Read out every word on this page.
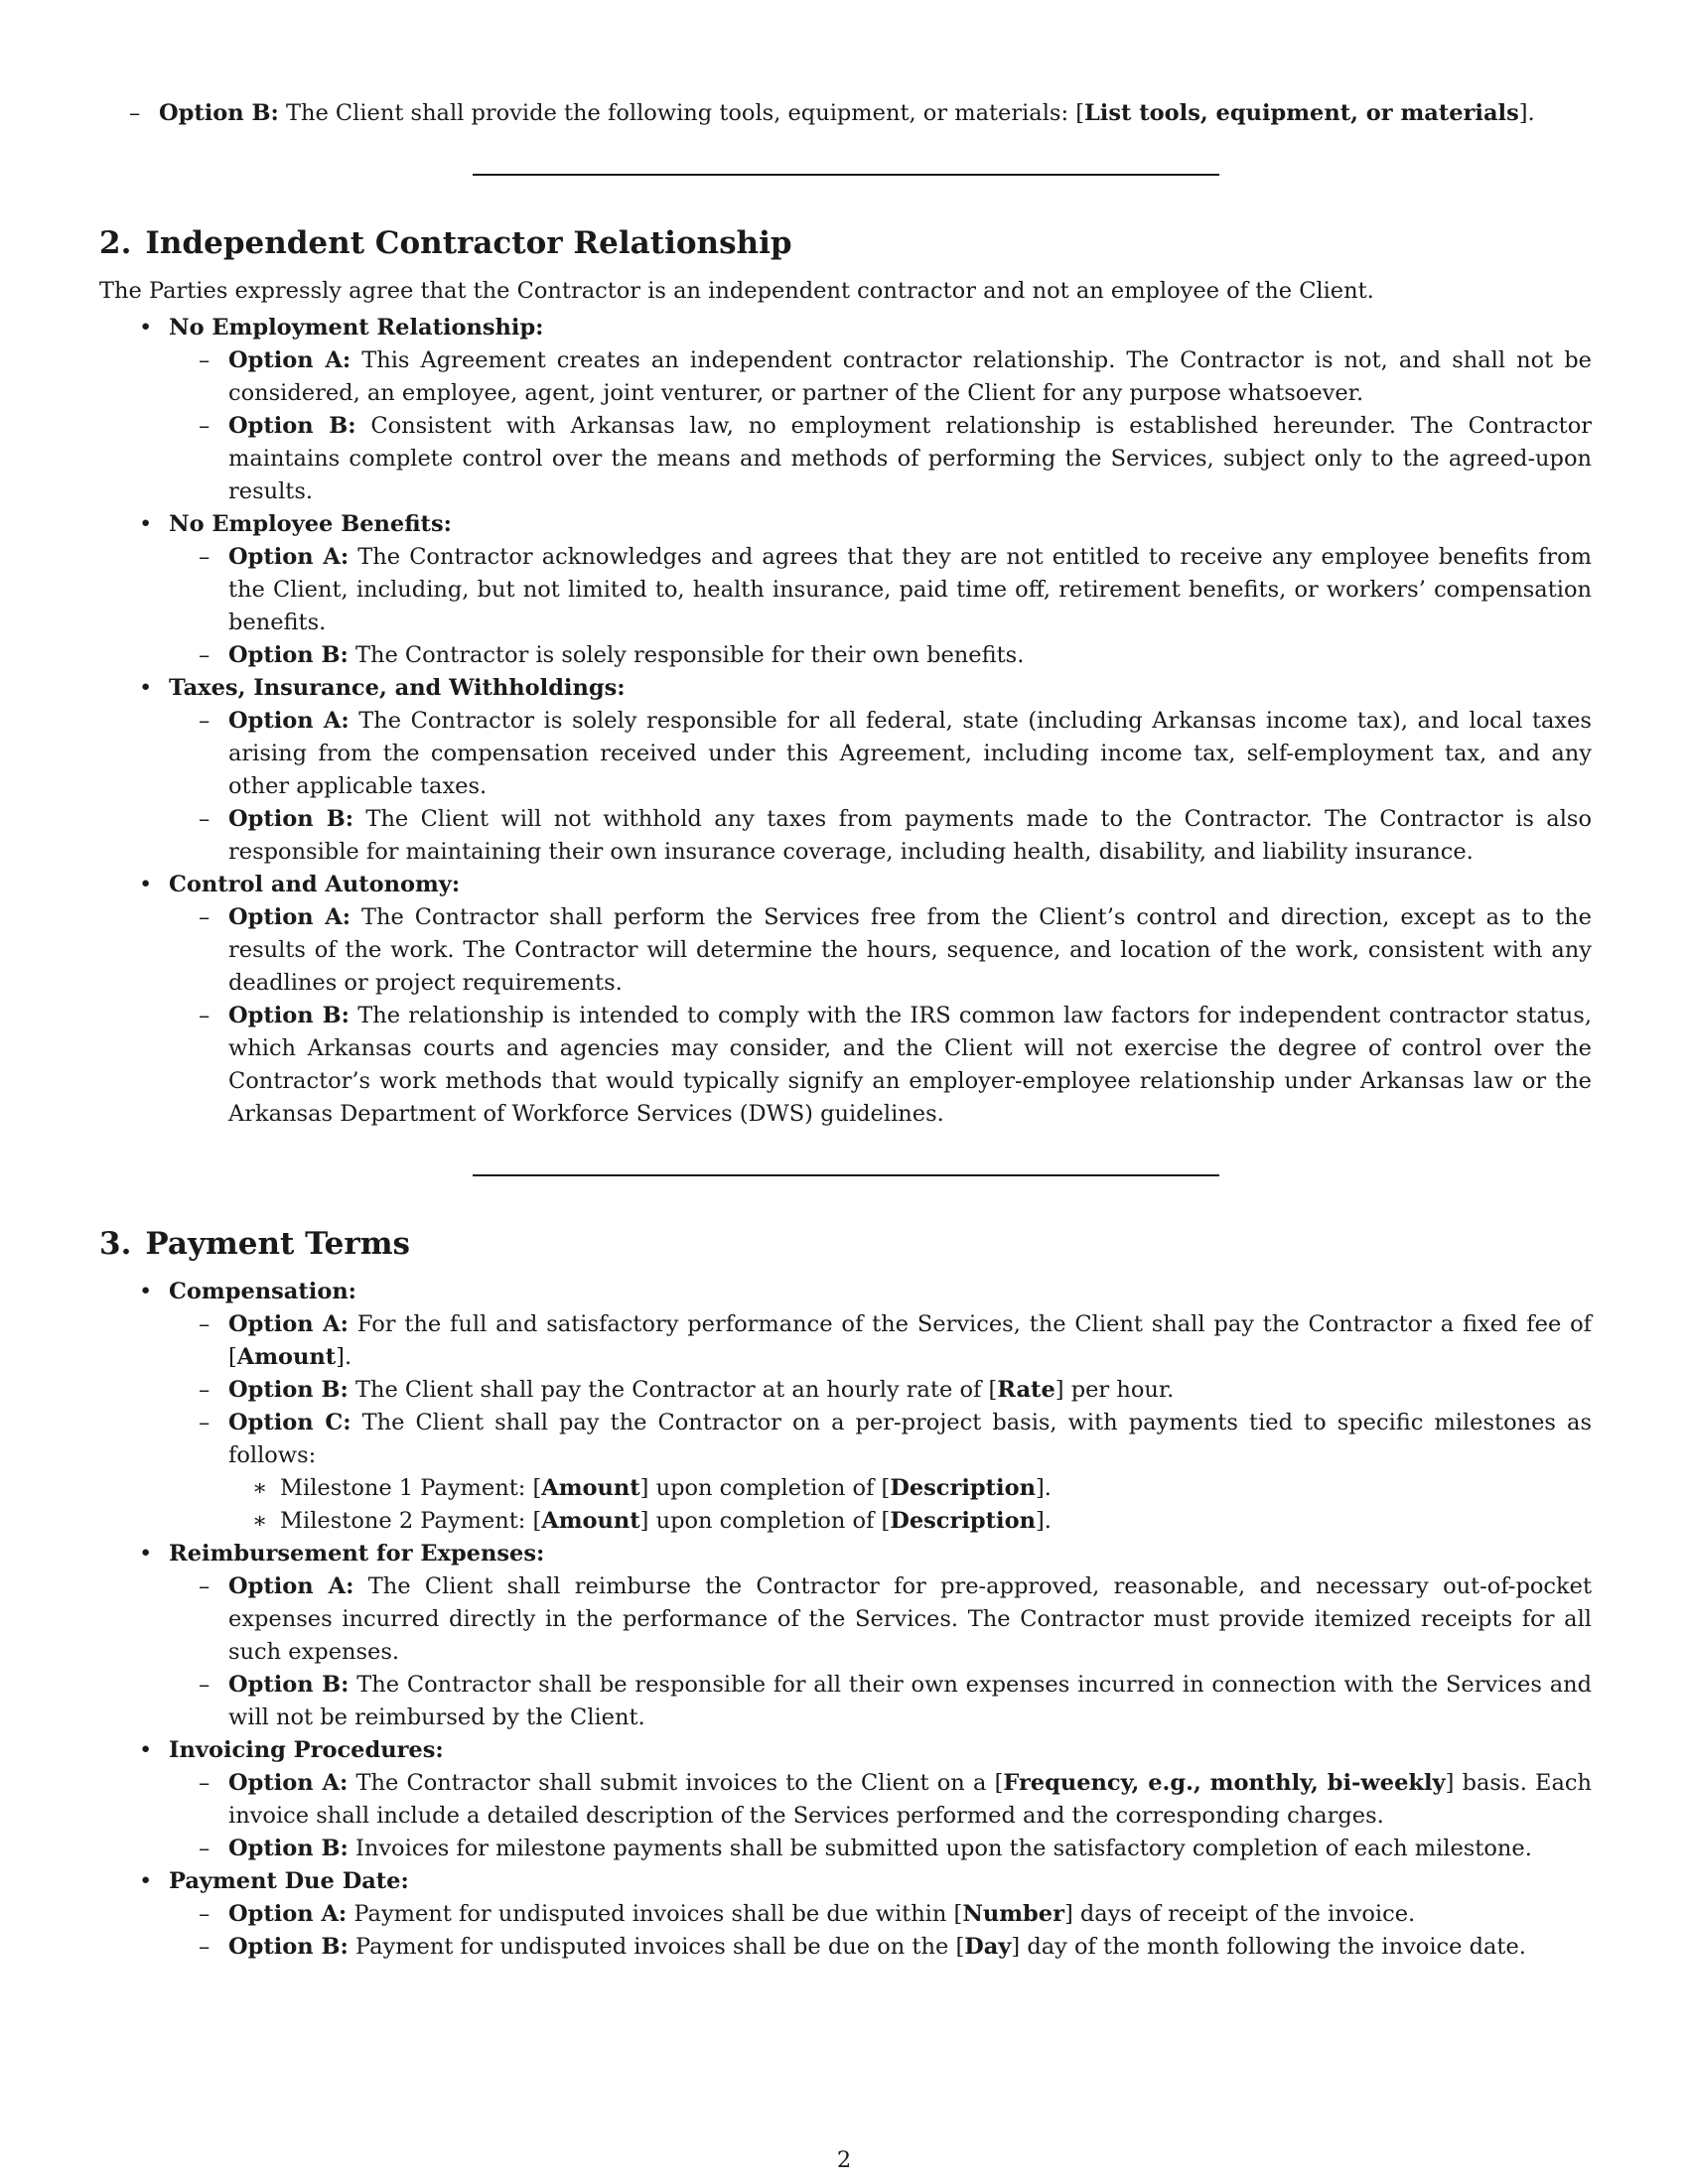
– Option B: The Client shall provide the following tools, equipment, or materials: [List tools, equipment, or materials].
2. Independent Contractor Relationship

The Parties expressly agree that the Contractor is an independent contractor and not an employee of the Client.

• No Employment Relationship:
– Option A: This Agreement creates an independent contractor relationship. The Contractor is not, and shall not be considered, an employee, agent, joint venturer, or partner of the Client for any purpose whatsoever.
– Option B: Consistent with Arkansas law, no employment relationship is established hereunder. The Contractor maintains complete control over the means and methods of performing the Services, subject only to the agreed-upon results.
• No Employee Benefits:
– Option A: The Contractor acknowledges and agrees that they are not entitled to receive any employee benefits from the Client, including, but not limited to, health insurance, paid time off, retirement benefits, or workers’ compensation benefits.
– Option B: The Contractor is solely responsible for their own benefits.
• Taxes, Insurance, and Withholdings:
– Option A: The Contractor is solely responsible for all federal, state (including Arkansas income tax), and local taxes arising from the compensation received under this Agreement, including income tax, self-employment tax, and any other applicable taxes.
– Option B: The Client will not withhold any taxes from payments made to the Contractor. The Contractor is also responsible for maintaining their own insurance coverage, including health, disability, and liability insurance.
• Control and Autonomy:
– Option A: The Contractor shall perform the Services free from the Client’s control and direction, except as to the results of the work. The Contractor will determine the hours, sequence, and location of the work, consistent with any deadlines or project requirements.
– Option B: The relationship is intended to comply with the IRS common law factors for independent contractor status, which Arkansas courts and agencies may consider, and the Client will not exercise the degree of control over the Contractor’s work methods that would typically signify an employer-employee relationship under Arkansas law or the Arkansas Department of Workforce Services (DWS) guidelines.
3. Payment Terms
• Compensation:
– Option A: For the full and satisfactory performance of the Services, the Client shall pay the Contractor a fixed fee of [Amount].
– Option B: The Client shall pay the Contractor at an hourly rate of [Rate] per hour.
– Option C: The Client shall pay the Contractor on a per-project basis, with payments tied to specific milestones as follows:
∗ Milestone 1 Payment: [Amount] upon completion of [Description].
∗ Milestone 2 Payment: [Amount] upon completion of [Description].
• Reimbursement for Expenses:
– Option A: The Client shall reimburse the Contractor for pre-approved, reasonable, and necessary out-of-pocket expenses incurred directly in the performance of the Services. The Contractor must provide itemized receipts for all such expenses.
– Option B: The Contractor shall be responsible for all their own expenses incurred in connection with the Services and will not be reimbursed by the Client.
• Invoicing Procedures:
– Option A: The Contractor shall submit invoices to the Client on a [Frequency, e.g., monthly, bi-weekly] basis. Each invoice shall include a detailed description of the Services performed and the corresponding charges.
– Option B: Invoices for milestone payments shall be submitted upon the satisfactory completion of each milestone.
• Payment Due Date:
– Option A: Payment for undisputed invoices shall be due within [Number] days of receipt of the invoice.
– Option B: Payment for undisputed invoices shall be due on the [Day] day of the month following the invoice date.
2
